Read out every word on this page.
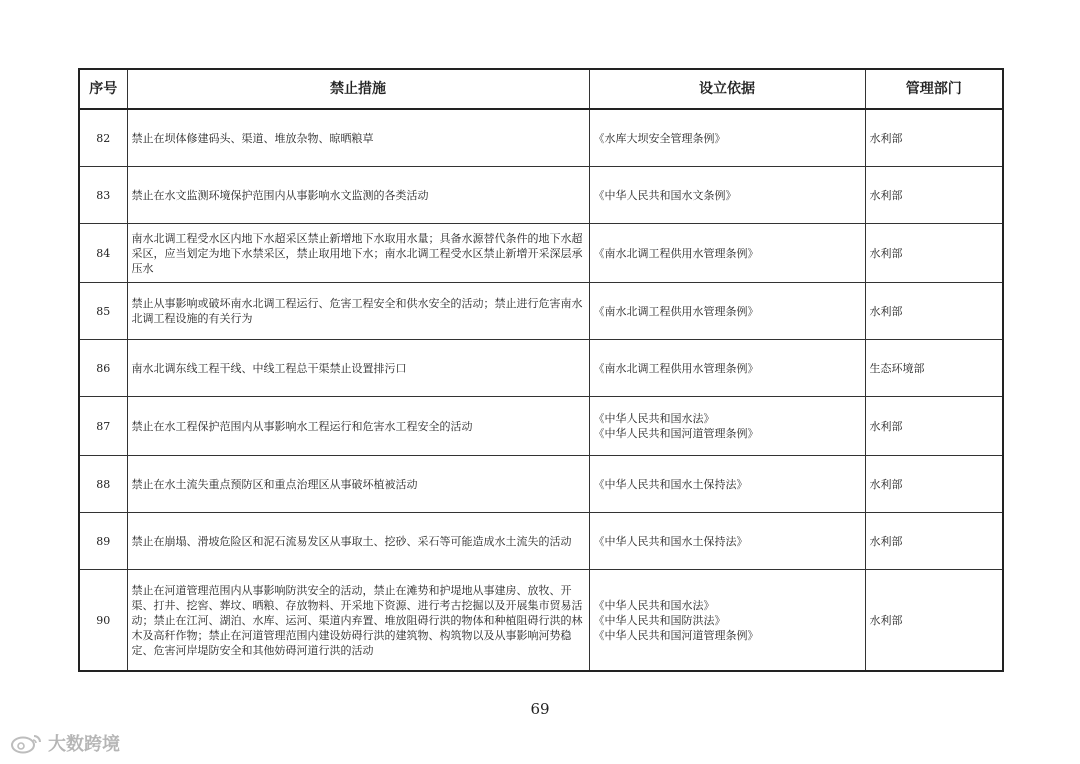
序号	禁止措施	设立依据	管理部门
82	禁止在坝体修建码头、渠道、堆放杂物、晾晒粮草	《水库大坝安全管理条例》	水利部
83	禁止在水文监测环境保护范围内从事影响水文监测的各类活动	《中华人民共和国水文条例》	水利部
84	南水北调工程受水区内地下水超采区禁止新增地下水取用水量；具备水源替代条件的地下水超采区，应当划定为地下水禁采区，禁止取用地下水；南水北调工程受水区禁止新增开采深层承压水	《南水北调工程供用水管理条例》	水利部
85	禁止从事影响或破坏南水北调工程运行、危害工程安全和供水安全的活动；禁止进行危害南水北调工程设施的有关行为	《南水北调工程供用水管理条例》	水利部
86	南水北调东线工程干线、中线工程总干渠禁止设置排污口	《南水北调工程供用水管理条例》	生态环境部
87	禁止在水工程保护范围内从事影响水工程运行和危害水工程安全的活动	《中华人民共和国水法》
《中华人民共和国河道管理条例》	水利部
88	禁止在水土流失重点预防区和重点治理区从事破坏植被活动	《中华人民共和国水土保持法》	水利部
89	禁止在崩塌、滑坡危险区和泥石流易发区从事取土、挖砂、采石等可能造成水土流失的活动	《中华人民共和国水土保持法》	水利部
90	禁止在河道管理范围内从事影响防洪安全的活动，禁止在滩势和护堤地从事建房、放牧、开渠、打井、挖窖、葬坟、晒粮、存放物料、开采地下资源、进行考古挖掘以及开展集市贸易活动；禁止在江河、湖泊、水库、运河、渠道内弃置、堆放阻碍行洪的物体和种植阻碍行洪的林木及高秆作物；禁止在河道管理范围内建设妨碍行洪的建筑物、构筑物以及从事影响河势稳定、危害河岸堤防安全和其他妨碍河道行洪的活动	《中华人民共和国水法》
《中华人民共和国防洪法》
《中华人民共和国河道管理条例》	水利部
69
大数跨境
